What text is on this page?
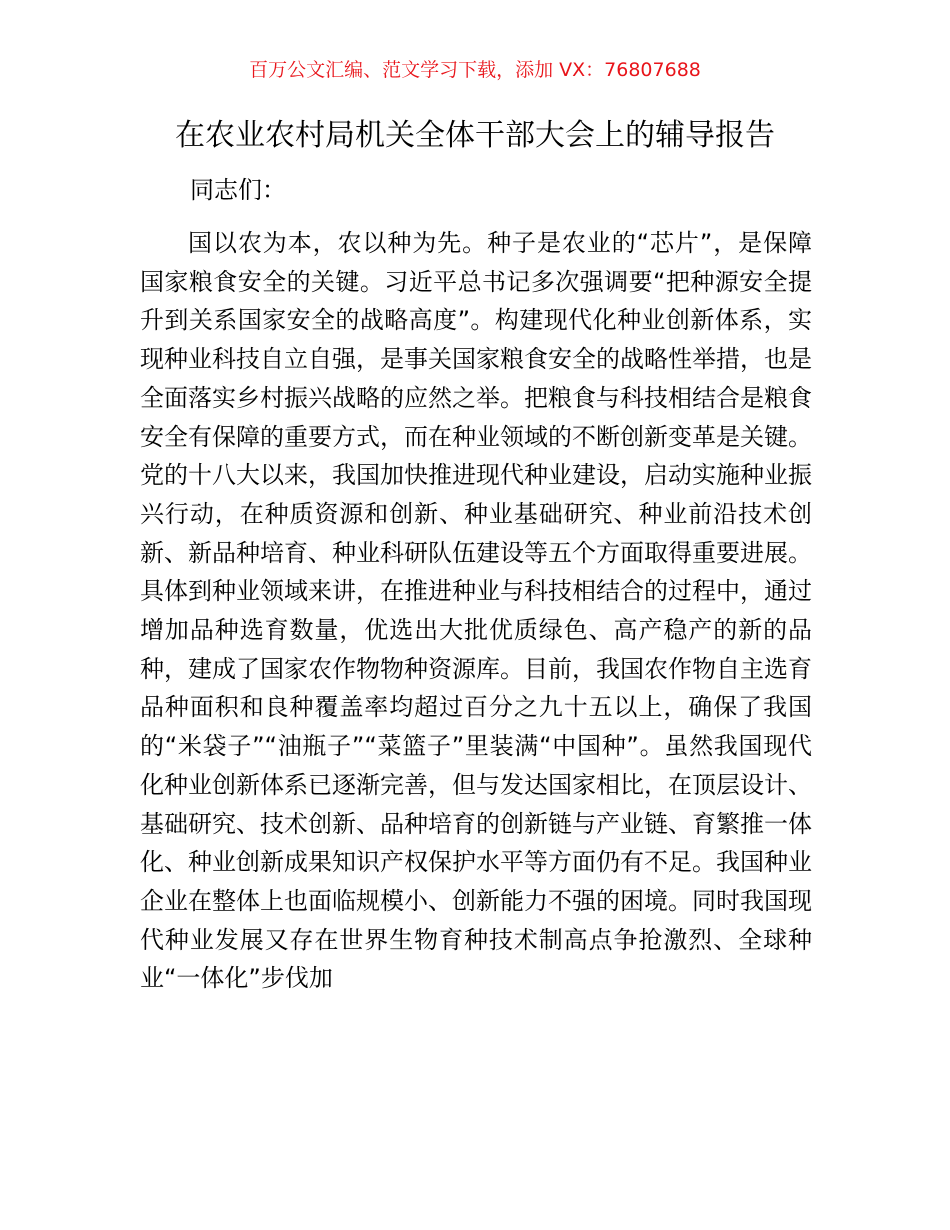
百万公文汇编、范文学习下载，添加 VX：76807688
在农业农村局机关全体干部大会上的辅导报告
同志们：

国以农为本，农以种为先。种子是农业的“芯片”，是保障国家粮食安全的关键。习近平总书记多次强调要“把种源安全提升到关系国家安全的战略高度”。构建现代化种业创新体系，实现种业科技自立自强，是事关国家粮食安全的战略性举措，也是全面落实乡村振兴战略的应然之举。把粮食与科技相结合是粮食安全有保障的重要方式，而在种业领域的不断创新变革是关键。党的十八大以来，我国加快推进现代种业建设，启动实施种业振兴行动，在种质资源和创新、种业基础研究、种业前沿技术创新、新品种培育、种业科研队伍建设等五个方面取得重要进展。具体到种业领域来讲，在推进种业与科技相结合的过程中，通过增加品种选育数量，优选出大批优质绿色、高产稳产的新的品种，建成了国家农作物物种资源库。目前，我国农作物自主选育品种面积和良种覆盖率均超过百分之九十五以上，确保了我国的“米袋子”“油瓶子”“菜篮子”里装满“中国种”。虽然我国现代化种业创新体系已逐渐完善，但与发达国家相比，在顶层设计、基础研究、技术创新、品种培育的创新链与产业链、育繁推一体化、种业创新成果知识产权保护水平等方面仍有不足。我国种业企业在整体上也面临规模小、创新能力不强的困境。同时我国现代种业发展又存在世界生物育种技术制高点争抢激烈、全球种业“一体化”步伐加
